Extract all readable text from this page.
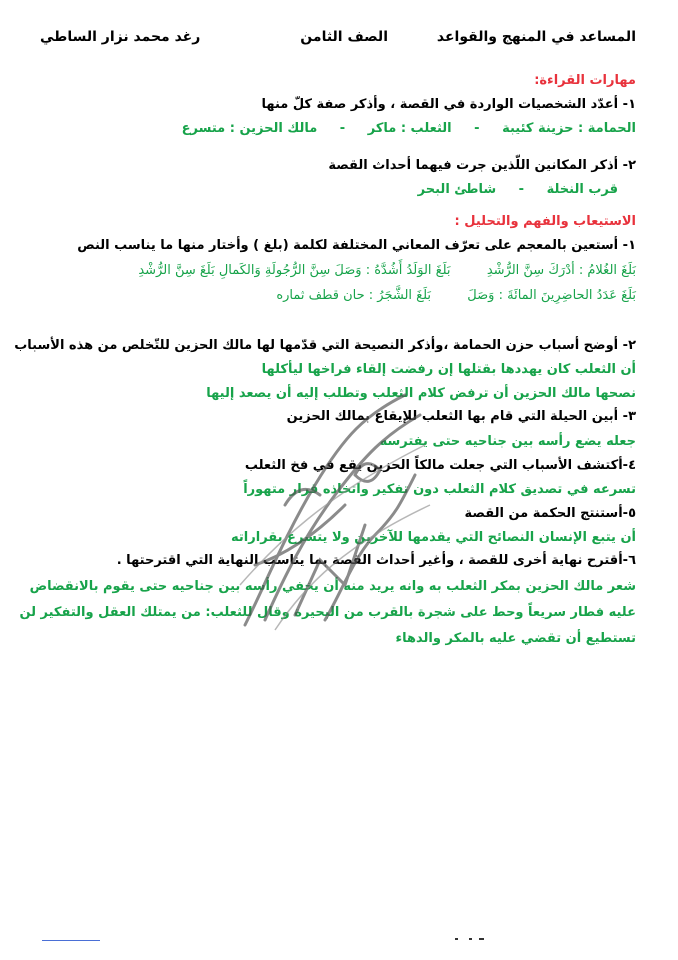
المساعد في المنهج والقواعد
الصف الثامن
رغد محمد نزار الساطي
مهارات القراءة:
١- أعدّد الشخصيات الواردة في القصة ، وأذكر صفة كلّ منها
الحمامة : حزينة كئيبة - الثعلب : ماكر - مالك الحزين : متسرع
٢- أذكر المكانين اللّذين جرت فيهما أحداث القصة
قرب النخلة - شاطئ البحر
الاستيعاب والفهم والتحليل :
١- أستعين بالمعجم على تعرّف المعاني المختلفة لكلمة (بلغ ) وأختار منها ما يناسب النص
بَلَغَ الغُلامُ : أدْرَكَ سِنَّ الرُّشْدِ  بَلَغَ الوَلَدُ أَشُدَّهُ : وَصَلَ سِنَّ الرُّجُولَةِ وَالكَمالِ بَلَغَ سِنَّ الرُّشْدِ
بَلَغَ عَدَدُ الحاضِرِينَ المائَةَ : وَصَلَ  بَلَغَ الشَّجَرُ : حان قطف ثماره
٢- أوضح أسباب حزن الحمامة ،وأذكر النصيحة التي قدّمها لها مالك الحزين للتّخلص من هذه الأسباب
أن الثعلب كان يهددها بقتلها إن رفضت إلقاء فراخها ليأكلها
نصحها مالك الحزين أن ترفض كلام الثعلب وتطلب إليه أن يصعد إليها
٣- أبين الحيلة التي قام بها الثعلب للإيقاع بمالك الحزين
جعله يضع رأسه بين جناحيه حتى يفترسه
٤-أكتشف الأسباب التي جعلت مالكاً الحزين يقع في فخ الثعلب
تسرعه في تصديق كلام الثعلب دون تفكير واتخاذه قرار متهوراً
٥-أستنتج الحكمة من القصة
أن يتبع الإنسان النصائح التي يقدمها للآخرين ولا يتسرع بقراراته
٦-أقترح نهاية أخرى للقصة ، وأغير أحداث القصة بما يناسب النهاية التي اقترحتها .
شعر مالك الحزين بمكر الثعلب به وانه يريد منه أن يخفي رأسه بين جناحيه حتى يقوم بالانقضاض
عليه فطار سريعاً وحط على شجرة بالقرب من البحيرة وقال للثعلب: من يمتلك العقل والتفكير لن
تستطيع أن تقضي عليه بالمكر والدهاء
